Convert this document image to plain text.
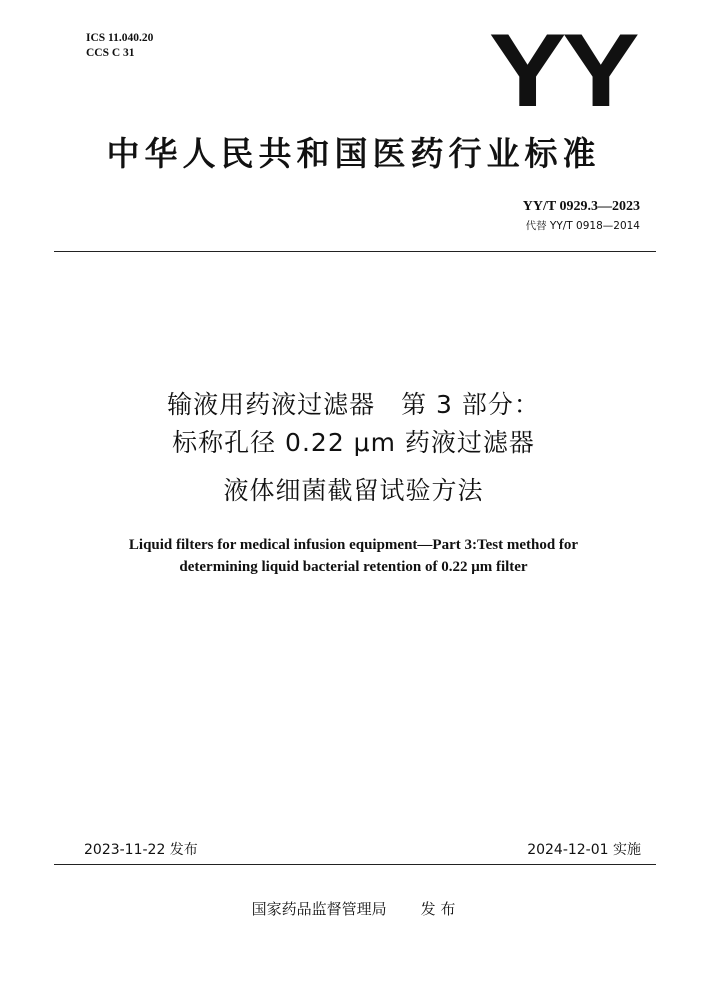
ICS 11.040.20
CCS C 31	YY
中华人民共和国医药行业标准
YY/T 0929.3—2023
代替 YY/T 0918—2014
输液用药液过滤器　第 3 部分：
标称孔径 0.22 μm 药液过滤器
液体细菌截留试验方法
Liquid filters for medical infusion equipment—Part 3:Test method for
determining liquid bacterial retention of 0.22 μm filter
2023-11-22 发布	2024-12-01 实施
国家药品监督管理局 发 布
